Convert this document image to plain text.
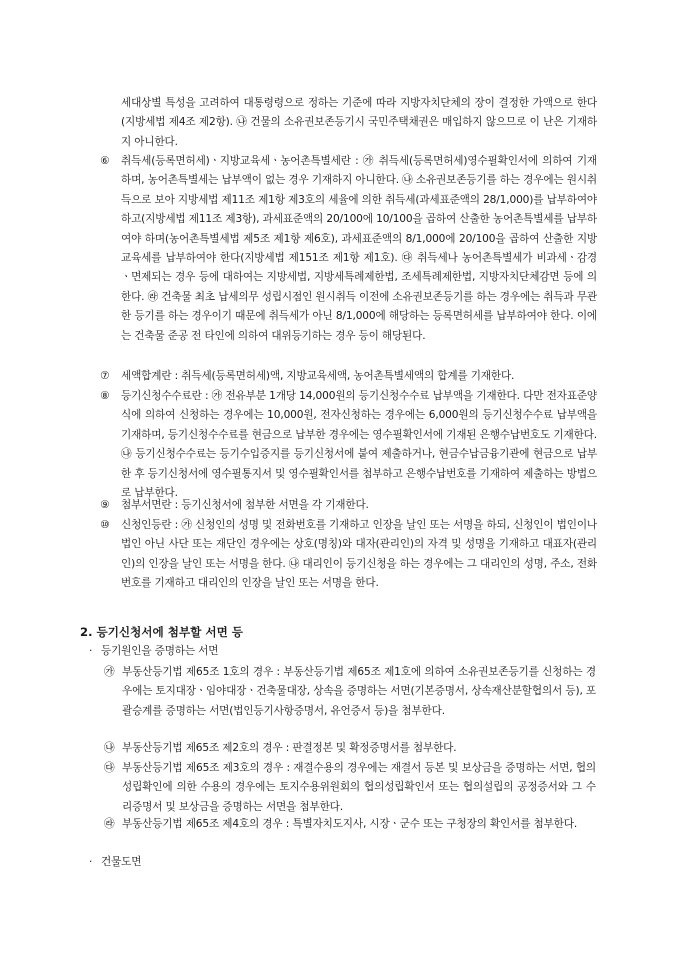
세대상별 특성을 고려하여 대통령령으로 정하는 기준에 따라 지방자치단체의 장이 결정한 가액으로 한다(지방세법 제4조 제2항). ㉯ 건물의 소유권보존등기시 국민주택채권은 매입하지 않으므로 이 난은 기재하지 아니한다.

⑥ 취득세(등록면허세)ㆍ지방교육세ㆍ농어촌특별세란 : ㉮ 취득세(등록면허세)영수필확인서에 의하여 기재하며, 농어촌특별세는 납부액이 없는 경우 기재하지 아니한다. ㉯ 소유권보존등기를 하는 경우에는 원시취득으로 보아 지방세법 제11조 제1항 제3호의 세율에 의한 취득세(과세표준액의 28/1,000)를 납부하여야 하고(지방세법 제11조 제3항), 과세표준액의 20/100에 10/100을 곱하여 산출한 농어촌특별세를 납부하여야 하며(농어촌특별세법 제5조 제1항 제6호), 과세표준액의 8/1,000에 20/100을 곱하여 산출한 지방교육세를 납부하여야 한다(지방세법 제151조 제1항 제1호). ㉰ 취득세나 농어촌특별세가 비과세ㆍ감경ㆍ면제되는 경우 등에 대하여는 지방세법, 지방세특례제한법, 조세특례제한법, 지방자치단체감면 등에 의한다. ㉱ 건축물 최초 납세의무 성립시점인 원시취득 이전에 소유권보존등기를 하는 경우에는 취득과 무관한 등기를 하는 경우이기 때문에 취득세가 아닌 8/1,000에 해당하는 등록면허세를 납부하여야 한다. 이에는 건축물 준공 전 타인에 의하여 대위등기하는 경우 등이 해당된다.

⑦ 세액합계란 : 취득세(등록면허세)액, 지방교육세액, 농어촌특별세액의 합계를 기재한다.

⑧ 등기신청수수료란 : ㉮ 전유부분 1개당 14,000원의 등기신청수수료 납부액을 기재한다. 다만 전자표준양식에 의하여 신청하는 경우에는 10,000원, 전자신청하는 경우에는 6,000원의 등기신청수수료 납부액을 기재하며, 등기신청수수료를 현금으로 납부한 경우에는 영수필확인서에 기재된 은행수납번호도 기재한다. ㉯ 등기신청수수료는 등기수입증지를 등기신청서에 붙여 제출하거나, 현금수납금융기관에 현금으로 납부한 후 등기신청서에 영수필통지서 및 영수필확인서를 첨부하고 은행수납번호를 기재하여 제출하는 방법으로 납부한다.

⑨ 첨부서면란 : 등기신청서에 첨부한 서면을 각 기재한다.

⑩ 신청인등란 : ㉮ 신청인의 성명 및 전화번호를 기재하고 인장을 날인 또는 서명을 하되, 신청인이 법인이나 법인 아닌 사단 또는 재단인 경우에는 상호(명칭)와 대자(관리인)의 자격 및 성명을 기재하고 대표자(관리인)의 인장을 날인 또는 서명을 한다. ㉯ 대리인이 등기신청을 하는 경우에는 그 대리인의 성명, 주소, 전화번호를 기재하고 대리인의 인장을 날인 또는 서명을 한다.

2. 등기신청서에 첨부할 서면 등
· 등기원인을 증명하는 서면

㉮ 부동산등기법 제65조 1호의 경우 : 부동산등기법 제65조 제1호에 의하여 소유권보존등기를 신청하는 경우에는 토지대장ㆍ임야대장ㆍ건축물대장, 상속을 증명하는 서면(기본증명서, 상속재산분할협의서 등), 포괄승계를 증명하는 서면(법인등기사항증명서, 유언증서 등)을 첨부한다.

㉯ 부동산등기법 제65조 제2호의 경우 : 판결정본 및 확정증명서를 첨부한다.

㉰ 부동산등기법 제65조 제3호의 경우 : 재결수용의 경우에는 재결서 등본 및 보상금을 증명하는 서면, 협의성립확인에 의한 수용의 경우에는 토지수용위원회의 협의성립확인서 또는 협의설립의 공정증서와 그 수리증명서 및 보상금을 증명하는 서면을 첨부한다.

㉱ 부동산등기법 제65조 제4호의 경우 : 특별자치도지사, 시장ㆍ군수 또는 구청장의 확인서를 첨부한다.

· 건물도면
